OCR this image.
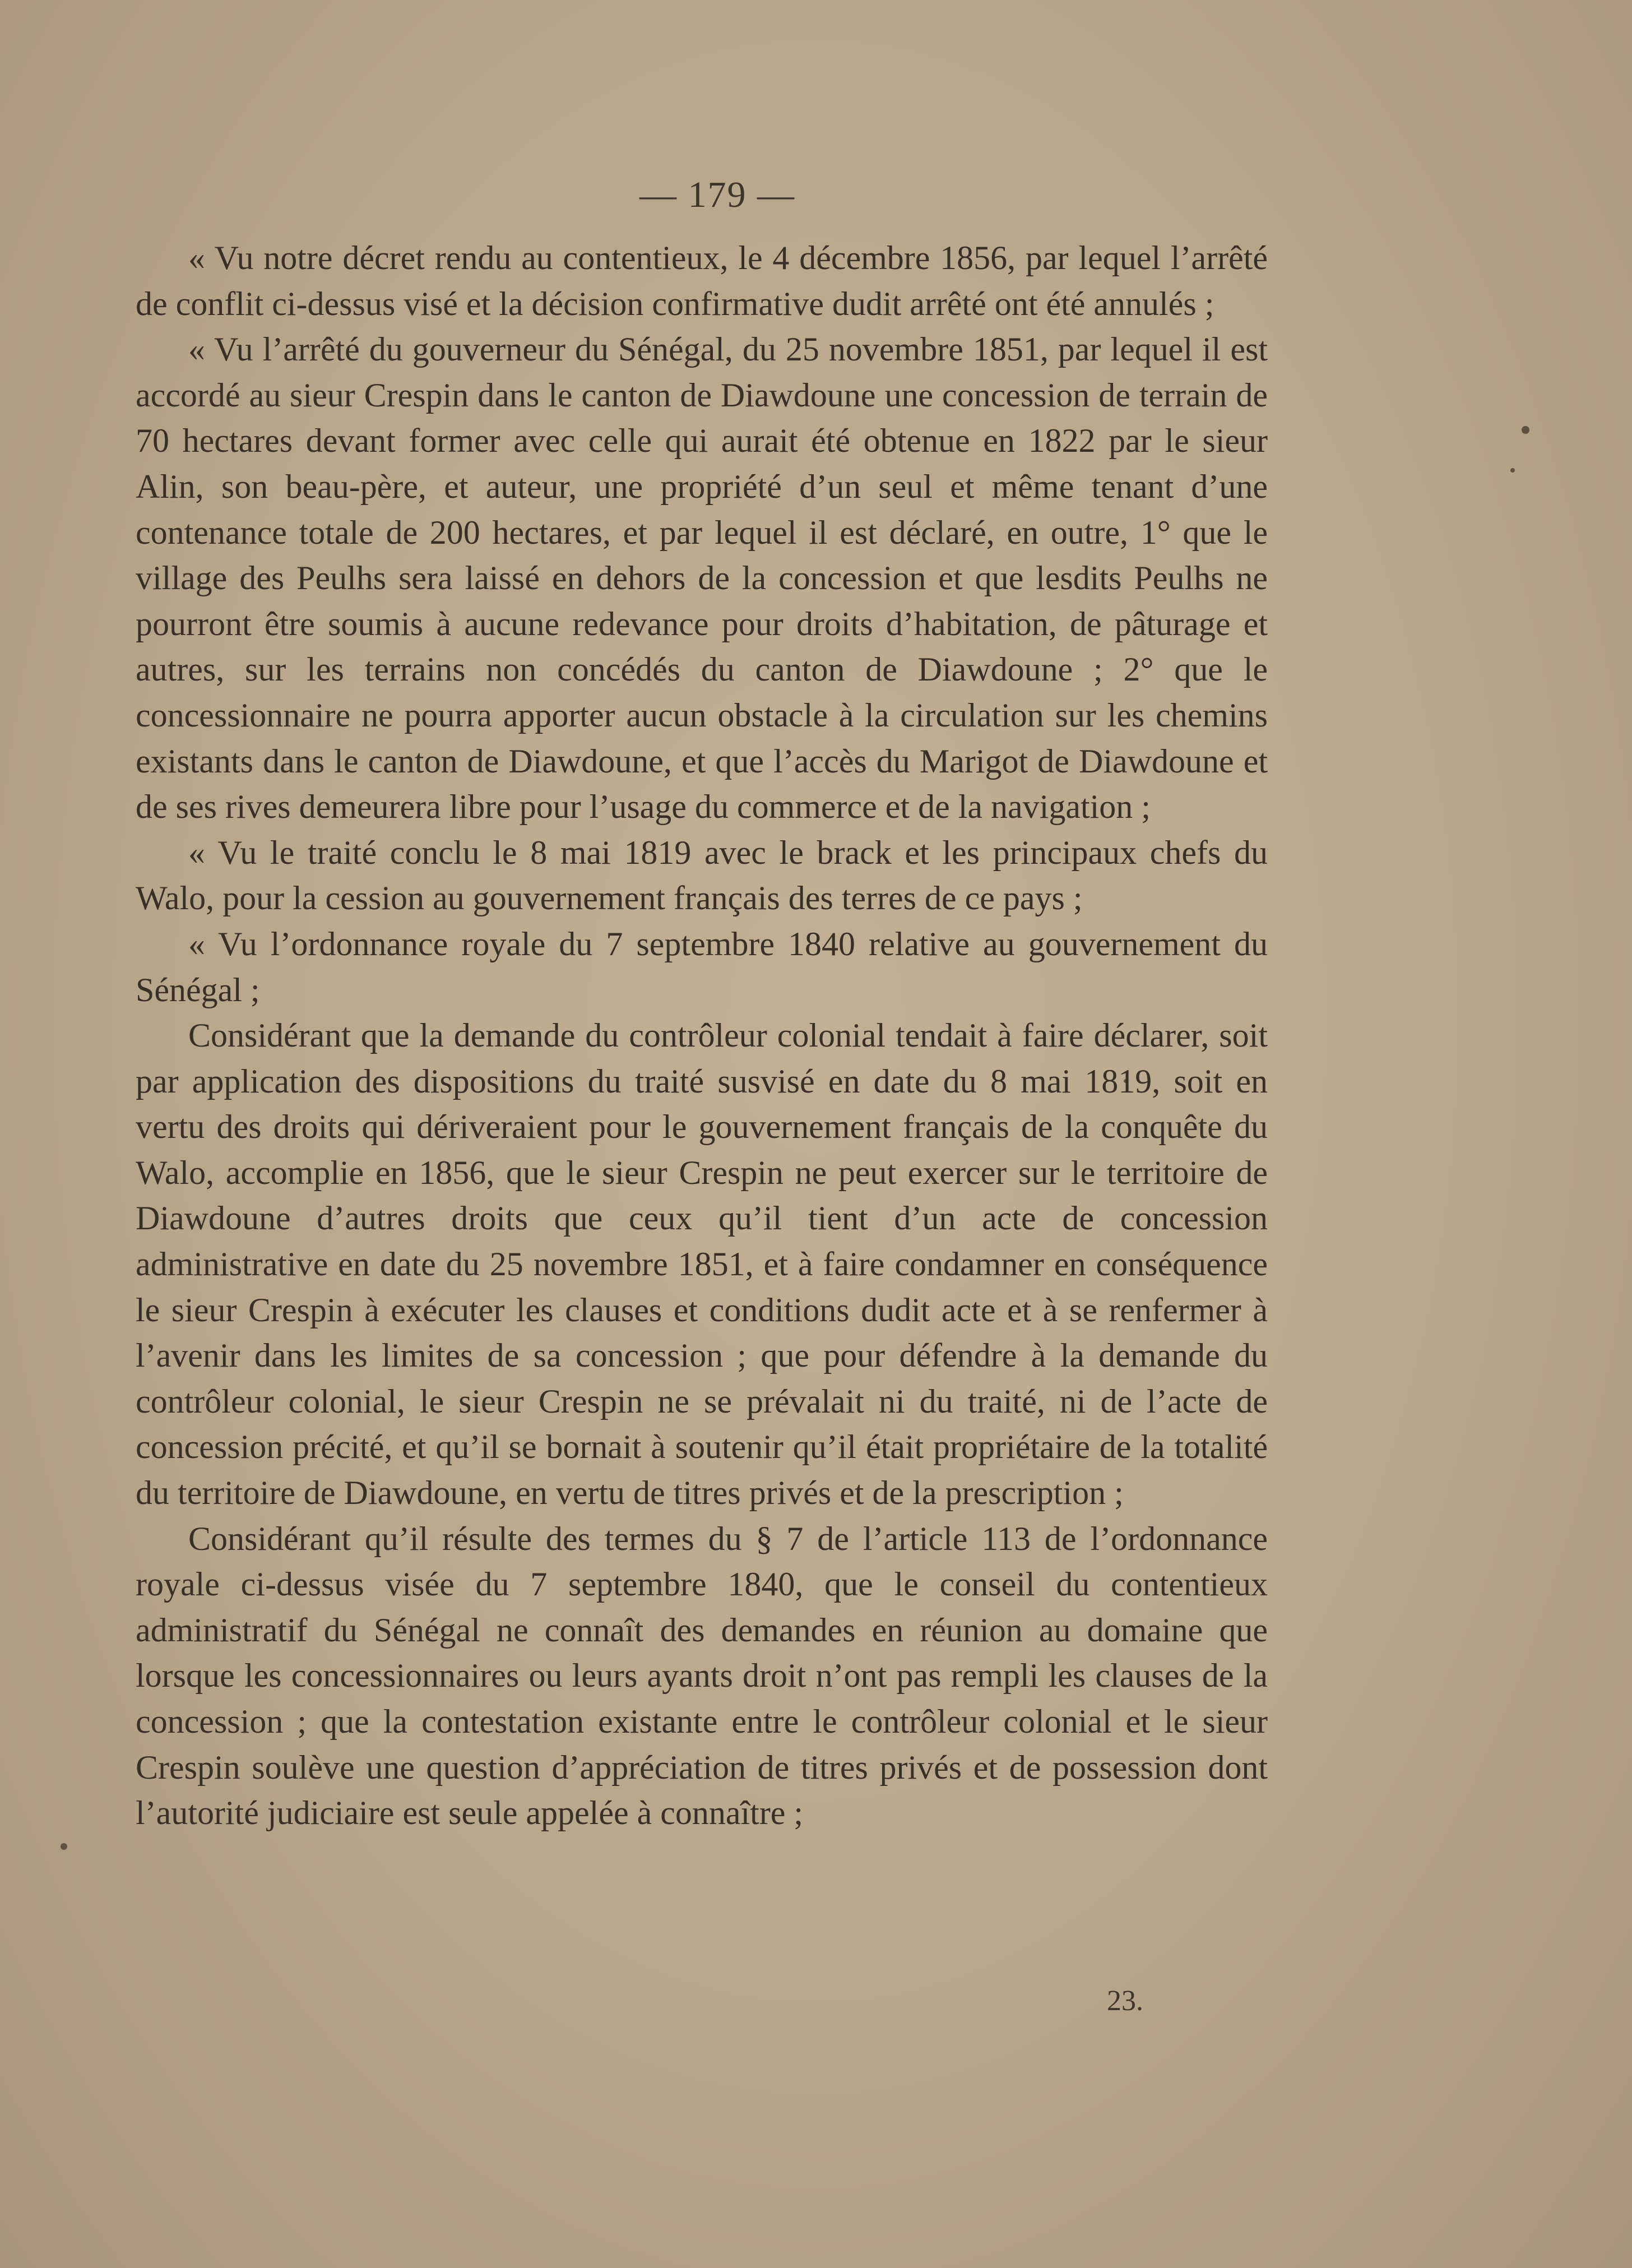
— 179 —

« Vu notre décret rendu au contentieux, le 4 décembre 1856, par lequel l’arrêté de conflit ci-dessus visé et la décision confirmative dudit arrêté ont été annulés ;

« Vu l’arrêté du gouverneur du Sénégal, du 25 novembre 1851, par lequel il est accordé au sieur Crespin dans le canton de Diawdoune une concession de terrain de 70 hectares devant former avec celle qui aurait été obtenue en 1822 par le sieur Alin, son beau-père, et auteur, une propriété d’un seul et même tenant d’une contenance totale de 200 hectares, et par lequel il est déclaré, en outre, 1° que le village des Peulhs sera laissé en dehors de la concession et que lesdits Peulhs ne pourront être soumis à aucune redevance pour droits d’habitation, de pâturage et autres, sur les terrains non concédés du canton de Diawdoune ; 2° que le concessionnaire ne pourra apporter aucun obstacle à la circulation sur les chemins existants dans le canton de Diawdoune, et que l’accès du Marigot de Diawdoune et de ses rives demeurera libre pour l’usage du commerce et de la navigation ;

« Vu le traité conclu le 8 mai 1819 avec le brack et les principaux chefs du Walo, pour la cession au gouvernement français des terres de ce pays ;

« Vu l’ordonnance royale du 7 septembre 1840 relative au gouvernement du Sénégal ;

Considérant que la demande du contrôleur colonial tendait à faire déclarer, soit par application des dispositions du traité susvisé en date du 8 mai 1819, soit en vertu des droits qui dériveraient pour le gouvernement français de la conquête du Walo, accomplie en 1856, que le sieur Crespin ne peut exercer sur le territoire de Diawdoune d’autres droits que ceux qu’il tient d’un acte de concession administrative en date du 25 novembre 1851, et à faire condamner en conséquence le sieur Crespin à exécuter les clauses et conditions dudit acte et à se renfermer à l’avenir dans les limites de sa concession ; que pour défendre à la demande du contrôleur colonial, le sieur Crespin ne se prévalait ni du traité, ni de l’acte de concession précité, et qu’il se bornait à soutenir qu’il était propriétaire de la totalité du territoire de Diawdoune, en vertu de titres privés et de la prescription ;

Considérant qu’il résulte des termes du § 7 de l’article 113 de l’ordonnance royale ci-dessus visée du 7 septembre 1840, que le conseil du contentieux administratif du Sénégal ne connaît des demandes en réunion au domaine que lorsque les concessionnaires ou leurs ayants droit n’ont pas rempli les clauses de la concession ; que la contestation existante entre le contrôleur colonial et le sieur Crespin soulève une question d’appréciation de titres privés et de possession dont l’autorité judiciaire est seule appelée à connaître ;

23.
